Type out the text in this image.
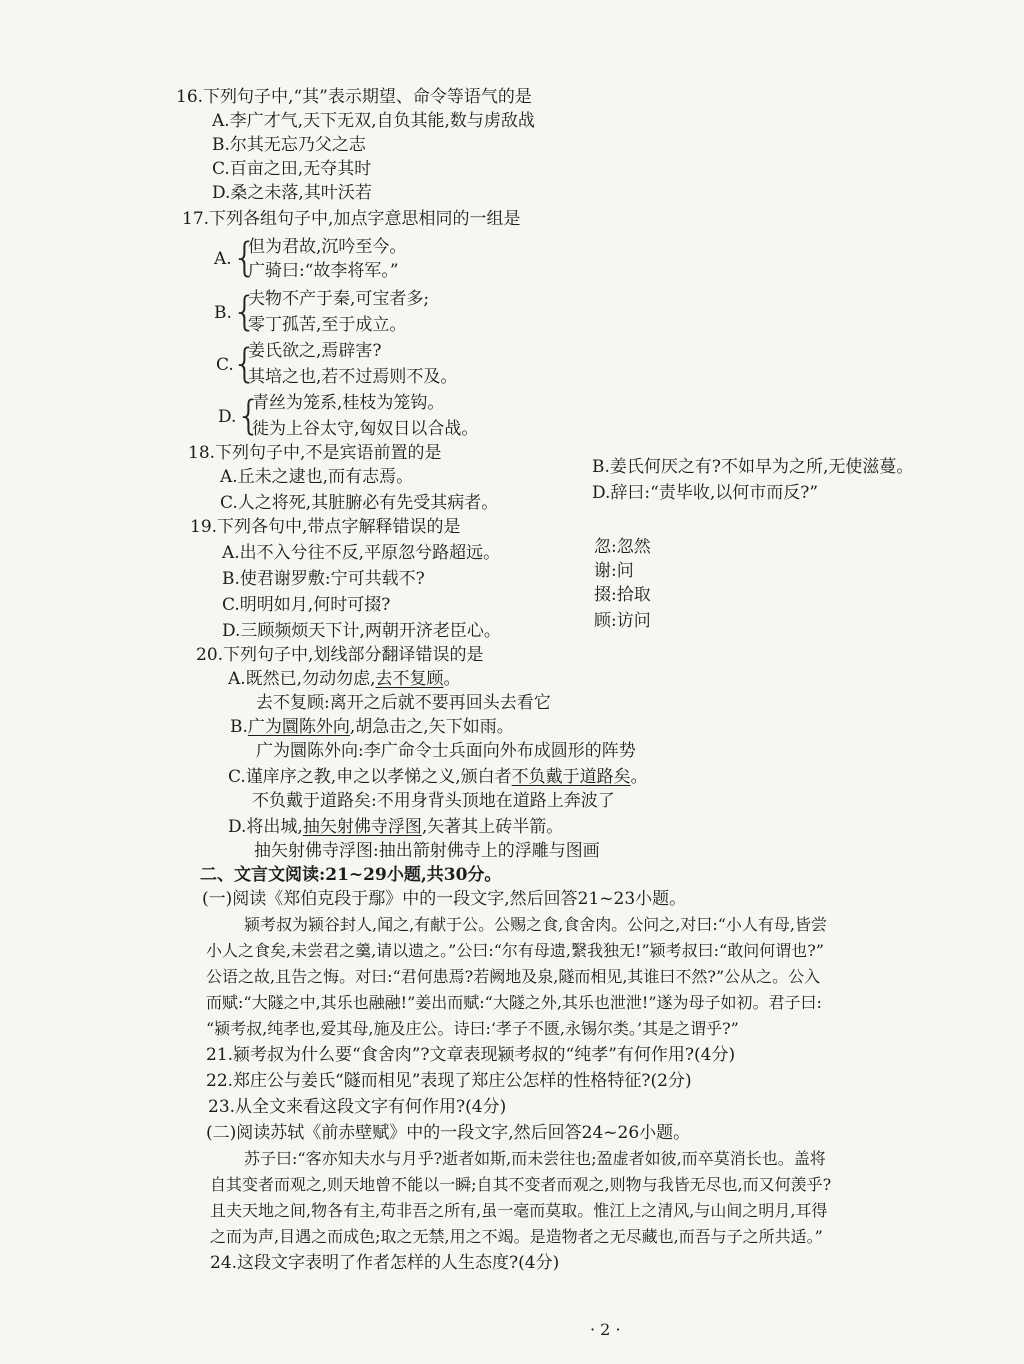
16.下列句子中,“其”表示期望、命令等语气的是
A.李广才气,天下无双,自负其能,数与虏敌战
B.尔其无忘乃父之志
C.百亩之田,无夺其时
D.桑之未落,其叶沃若
17.下列各组句子中,加点字意思相同的一组是
A. {
但为君故,沉吟至今。
广骑曰:“故李将军。”
B. {
夫物不产于秦,可宝者多;
零丁孤苦,至于成立。
C.
{
姜氏欲之,焉辟害?
其培之也,若不过焉则不及。
D. {
青丝为笼系,桂枝为笼钩。
徙为上谷太守,匈奴日以合战。
18.下列句子中,不是宾语前置的是
A.丘未之逮也,而有志焉。	B.姜氏何厌之有?不如早为之所,无使滋蔓。
C.人之将死,其脏腑必有先受其病者。	D.辞曰:“责毕收,以何市而反?”
19.下列各句中,带点字解释错误的是
A.出不入兮往不反,平原忽兮路超远。	忽:忽然
B.使君谢罗敷:宁可共载不?	谢:问
C.明明如月,何时可掇?	掇:拾取
D.三顾频烦天下计,两朝开济老臣心。	顾:访问
20.下列句子中,划线部分翻译错误的是
A.既然已,勿动勿虑,去不复顾。
去不复顾:离开之后就不要再回头去看它
B.广为圜陈外向,胡急击之,矢下如雨。
广为圜陈外向:李广命令士兵面向外布成圆形的阵势
C.谨庠序之教,申之以孝悌之义,颁白者不负戴于道路矣。
不负戴于道路矣:不用身背头顶地在道路上奔波了
D.将出城,抽矢射佛寺浮图,矢著其上砖半箭。
抽矢射佛寺浮图:抽出箭射佛寺上的浮雕与图画
二、文言文阅读:21~29小题,共30分。
(一)阅读《郑伯克段于鄢》中的一段文字,然后回答21~23小题。
颍考叔为颍谷封人,闻之,有献于公。公赐之食,食舍肉。公问之,对曰:“小人有母,皆尝
小人之食矣,未尝君之羹,请以遗之。”公曰:“尔有母遗,繄我独无!”颍考叔曰:“敢问何谓也?”
公语之故,且告之悔。对曰:“君何患焉?若阙地及泉,隧而相见,其谁曰不然?”公从之。公入
而赋:“大隧之中,其乐也融融!”姜出而赋:“大隧之外,其乐也泄泄!”遂为母子如初。君子曰:
“颍考叔,纯孝也,爱其母,施及庄公。诗曰:‘孝子不匮,永锡尔类。’其是之谓乎?”
21.颍考叔为什么要“食舍肉”?文章表现颍考叔的“纯孝”有何作用?(4分)
22.郑庄公与姜氏“隧而相见”表现了郑庄公怎样的性格特征?(2分)
23.从全文来看这段文字有何作用?(4分)
(二)阅读苏轼《前赤壁赋》中的一段文字,然后回答24~26小题。
苏子曰:“客亦知夫水与月乎?逝者如斯,而未尝往也;盈虚者如彼,而卒莫消长也。盖将
自其变者而观之,则天地曾不能以一瞬;自其不变者而观之,则物与我皆无尽也,而又何羡乎?
且夫天地之间,物各有主,苟非吾之所有,虽一毫而莫取。惟江上之清风,与山间之明月,耳得
之而为声,目遇之而成色;取之无禁,用之不竭。是造物者之无尽藏也,而吾与子之所共适。”
24.这段文字表明了作者怎样的人生态度?(4分)
· 2 ·
